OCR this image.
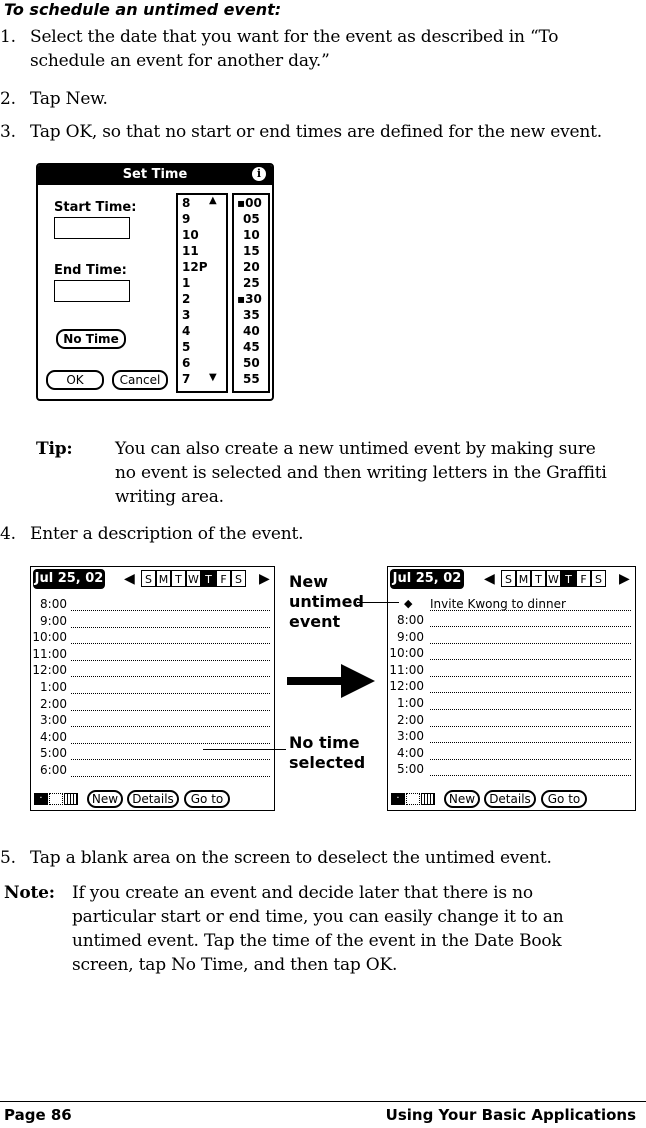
To schedule an untimed event:
1. Select the date that you want for the event as described in “To
schedule an event for another day.”
2. Tap New.
3. Tap OK, so that no start or end times are defined for the new event.
Set Time	i
Start Time:
End Time:
No Time
OK	Cancel
▲
▼
8
9
10
11
12P
1
2
3
4
5
6
7
▪00
05
10
15
20
25
▪30
35
40
45
50
55
Tip:	You can also create a new untimed event by making sure
no event is selected and then writing letters in the Graffiti
writing area.
4. Enter a description of the event.
Jul 25, 02 ◀	▶
·	New	Details	Go to
S M T W T F S
8:00
9:00
10:00
11:00
12:00
1:00
2:00
3:00
4:00
5:00
6:00
Jul 25, 02 ◀	▶
◆ Invite Kwong to dinner
·	New	Details	Go to
S M T W T F S
8:00
9:00
10:00
11:00
12:00
1:00
2:00
3:00
4:00
5:00
New
untimed
event
No time
selected
5. Tap a blank area on the screen to deselect the untimed event.
Note: If you create an event and decide later that there is no
particular start or end time, you can easily change it to an
untimed event. Tap the time of the event in the Date Book
screen, tap No Time, and then tap OK.
Page 86	Using Your Basic Applications
